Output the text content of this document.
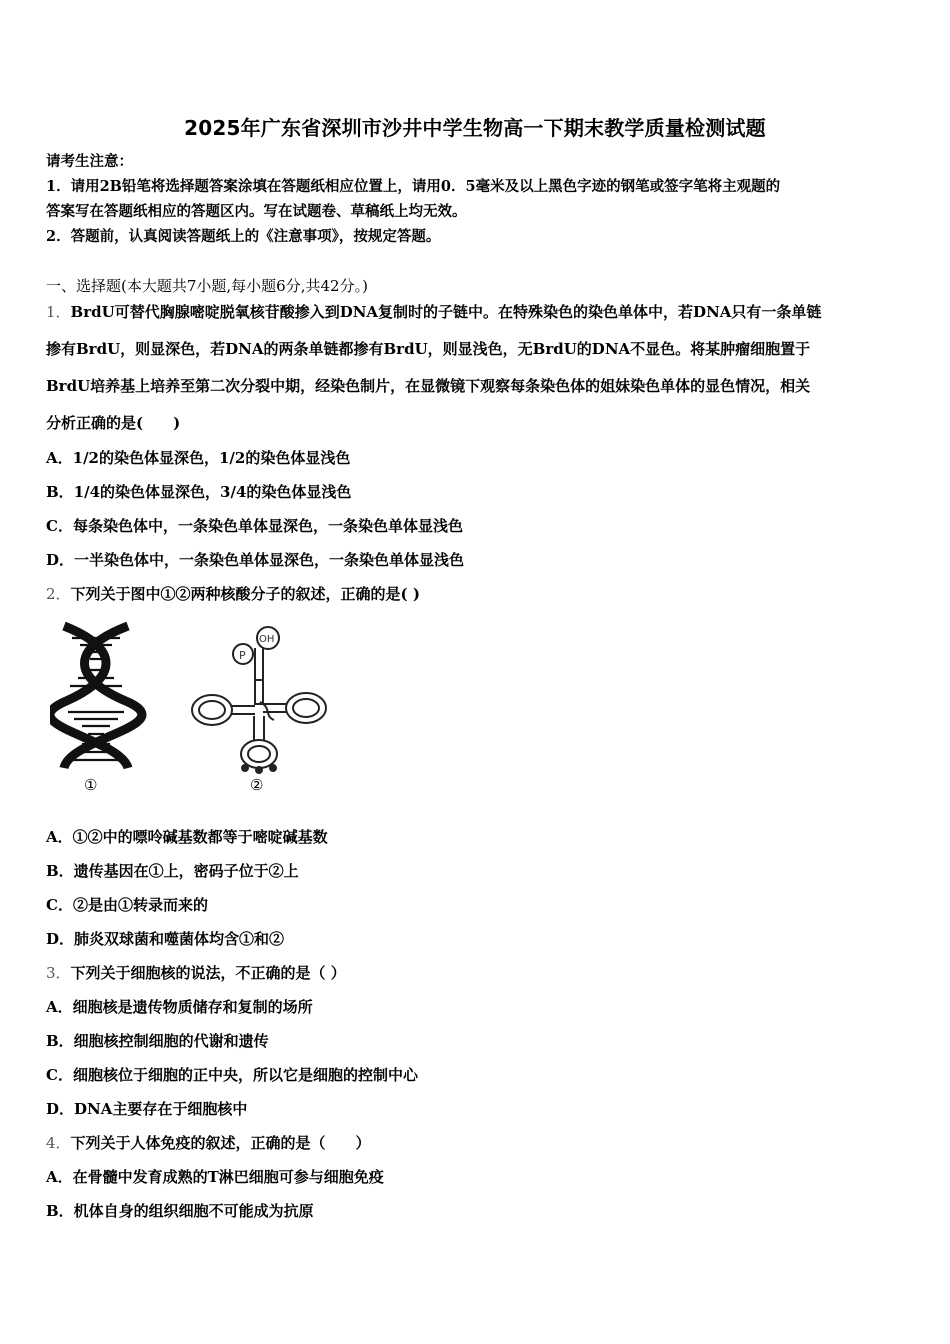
2025年广东省深圳市沙井中学生物高一下期末教学质量检测试题
请考生注意：
1．请用2B铅笔将选择题答案涂填在答题纸相应位置上，请用0．5毫米及以上黑色字迹的钢笔或签字笔将主观题的
答案写在答题纸相应的答题区内。写在试题卷、草稿纸上均无效。
2．答题前，认真阅读答题纸上的《注意事项》，按规定答题。
一、选择题(本大题共7小题,每小题6分,共42分。)
1．BrdU可替代胸腺嘧啶脱氧核苷酸掺入到DNA复制时的子链中。在特殊染色的染色单体中，若DNA只有一条单链
掺有BrdU，则显深色，若DNA的两条单链都掺有BrdU，则显浅色，无BrdU的DNA不显色。将某肿瘤细胞置于
BrdU培养基上培养至第二次分裂中期，经染色制片，在显微镜下观察每条染色体的姐妹染色单体的显色情况，相关
分析正确的是(　　)
A．1/2的染色体显深色，1/2的染色体显浅色
B．1/4的染色体显深色，3/4的染色体显浅色
C．每条染色体中，一条染色单体显深色，一条染色单体显浅色
D．一半染色体中，一条染色单体显深色，一条染色单体显浅色
2．下列关于图中①②两种核酸分子的叙述，正确的是( )
①
P
OH
②
A．①②中的嘌呤碱基数都等于嘧啶碱基数
B．遗传基因在①上，密码子位于②上
C．②是由①转录而来的
D．肺炎双球菌和噬菌体均含①和②
3．下列关于细胞核的说法，不正确的是（ ）
A．细胞核是遗传物质储存和复制的场所
B．细胞核控制细胞的代谢和遗传
C．细胞核位于细胞的正中央，所以它是细胞的控制中心
D．DNA主要存在于细胞核中
4．下列关于人体免疫的叙述，正确的是（　　）
A．在骨髓中发育成熟的T淋巴细胞可参与细胞免疫
B．机体自身的组织细胞不可能成为抗原
